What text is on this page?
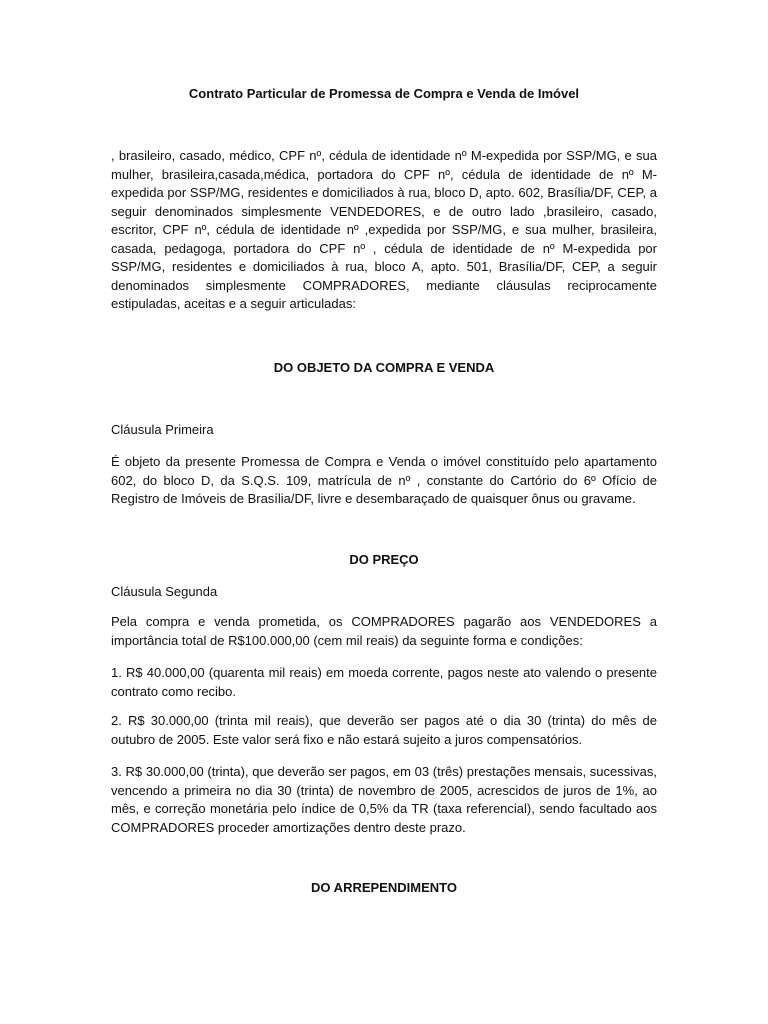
Contrato Particular de Promessa de Compra e Venda de Imóvel

, brasileiro, casado, médico, CPF nº, cédula de identidade nº M-expedida por SSP/MG, e sua mulher, brasileira,casada,médica, portadora do CPF nº, cédula de identidade de nº M-expedida por SSP/MG, residentes e domiciliados à rua, bloco D, apto. 602, Brasília/DF, CEP, a seguir denominados simplesmente VENDEDORES, e de outro lado ,brasileiro, casado, escritor, CPF nº, cédula de identidade nº ,expedida por SSP/MG, e sua mulher, brasileira, casada, pedagoga, portadora do CPF nº , cédula de identidade de nº M-expedida por SSP/MG, residentes e domiciliados à rua, bloco A, apto. 501, Brasília/DF, CEP, a seguir denominados simplesmente COMPRADORES, mediante cláusulas reciprocamente estipuladas, aceitas e a seguir articuladas:

DO OBJETO DA COMPRA E VENDA

Cláusula Primeira

É objeto da presente Promessa de Compra e Venda o imóvel constituído pelo apartamento 602, do bloco D, da S.Q.S. 109, matrícula de nº , constante do Cartório do 6º Ofício de Registro de Imóveis de Brasília/DF, livre e desembaraçado de quaisquer ônus ou gravame.

DO PREÇO

Cláusula Segunda

Pela compra e venda prometida, os COMPRADORES pagarão aos VENDEDORES a importância total de R$100.000,00 (cem mil reais) da seguinte forma e condições:

1. R$ 40.000,00 (quarenta mil reais) em moeda corrente, pagos neste ato valendo o presente contrato como recibo.

2. R$ 30.000,00 (trinta mil reais), que deverão ser pagos até o dia 30 (trinta) do mês de outubro de 2005. Este valor será fixo e não estará sujeito a juros compensatórios.

3. R$ 30.000,00 (trinta), que deverão ser pagos, em 03 (três) prestações mensais, sucessivas, vencendo a primeira no dia 30 (trinta) de novembro de 2005, acrescidos de juros de 1%, ao mês, e correção monetária pelo índice de 0,5% da TR (taxa referencial), sendo facultado aos COMPRADORES proceder amortizações dentro deste prazo.

DO ARREPENDIMENTO
